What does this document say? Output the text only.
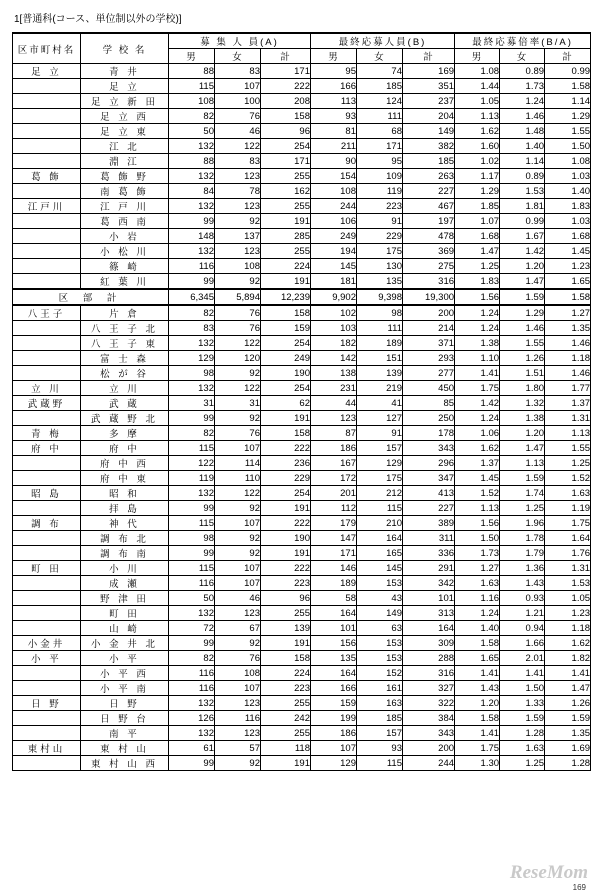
1[普通科(コース、単位制以外の学校)]
区市町村名	学 校 名	募 集 人 員(A)			最終応募人員(B)			最終応募倍率(B/A)		
		男	女	計	男	女	計	男	女	計
足 立	青 井	88	83	171	95	74	169	1.08	0.89	0.99
	足 立	115	107	222	166	185	351	1.44	1.73	1.58
	足 立 新 田	108	100	208	113	124	237	1.05	1.24	1.14
	足 立 西	82	76	158	93	111	204	1.13	1.46	1.29
	足 立 東	50	46	96	81	68	149	1.62	1.48	1.55
	江 北	132	122	254	211	171	382	1.60	1.40	1.50
	淵 江	88	83	171	90	95	185	1.02	1.14	1.08
葛 飾	葛 飾 野	132	123	255	154	109	263	1.17	0.89	1.03
	南 葛 飾	84	78	162	108	119	227	1.29	1.53	1.40
江戸川	江 戸 川	132	123	255	244	223	467	1.85	1.81	1.83
	葛 西 南	99	92	191	106	91	197	1.07	0.99	1.03
	小 岩	148	137	285	249	229	478	1.68	1.67	1.68
	小 松 川	132	123	255	194	175	369	1.47	1.42	1.45
	篠 崎	116	108	224	145	130	275	1.25	1.20	1.23
	紅 葉 川	99	92	191	181	135	316	1.83	1.47	1.65
区 部 計		6,345	5,894	12,239	9,902	9,398	19,300	1.56	1.59	1.58
八王子	片 倉	82	76	158	102	98	200	1.24	1.29	1.27
	八 王 子 北	83	76	159	103	111	214	1.24	1.46	1.35
	八 王 子 東	132	122	254	182	189	371	1.38	1.55	1.46
	富 士 森	129	120	249	142	151	293	1.10	1.26	1.18
	松 が 谷	98	92	190	138	139	277	1.41	1.51	1.46
立 川	立 川	132	122	254	231	219	450	1.75	1.80	1.77
武蔵野	武 蔵	31	31	62	44	41	85	1.42	1.32	1.37
	武 蔵 野 北	99	92	191	123	127	250	1.24	1.38	1.31
青 梅	多 摩	82	76	158	87	91	178	1.06	1.20	1.13
府 中	府 中	115	107	222	186	157	343	1.62	1.47	1.55
	府 中 西	122	114	236	167	129	296	1.37	1.13	1.25
	府 中 東	119	110	229	172	175	347	1.45	1.59	1.52
昭 島	昭 和	132	122	254	201	212	413	1.52	1.74	1.63
	拝 島	99	92	191	112	115	227	1.13	1.25	1.19
調 布	神 代	115	107	222	179	210	389	1.56	1.96	1.75
	調 布 北	98	92	190	147	164	311	1.50	1.78	1.64
	調 布 南	99	92	191	171	165	336	1.73	1.79	1.76
町 田	小 川	115	107	222	146	145	291	1.27	1.36	1.31
	成 瀬	116	107	223	189	153	342	1.63	1.43	1.53
	野 津 田	50	46	96	58	43	101	1.16	0.93	1.05
	町 田	132	123	255	164	149	313	1.24	1.21	1.23
	山 崎	72	67	139	101	63	164	1.40	0.94	1.18
小金井	小 金 井 北	99	92	191	156	153	309	1.58	1.66	1.62
小 平	小 平	82	76	158	135	153	288	1.65	2.01	1.82
	小 平 西	116	108	224	164	152	316	1.41	1.41	1.41
	小 平 南	116	107	223	166	161	327	1.43	1.50	1.47
日 野	日 野	132	123	255	159	163	322	1.20	1.33	1.26
	日 野 台	126	116	242	199	185	384	1.58	1.59	1.59
	南 平	132	123	255	186	157	343	1.41	1.28	1.35
東村山	東 村 山	61	57	118	107	93	200	1.75	1.63	1.69
	東 村 山 西	99	92	191	129	115	244	1.30	1.25	1.28
ReseMom
169
